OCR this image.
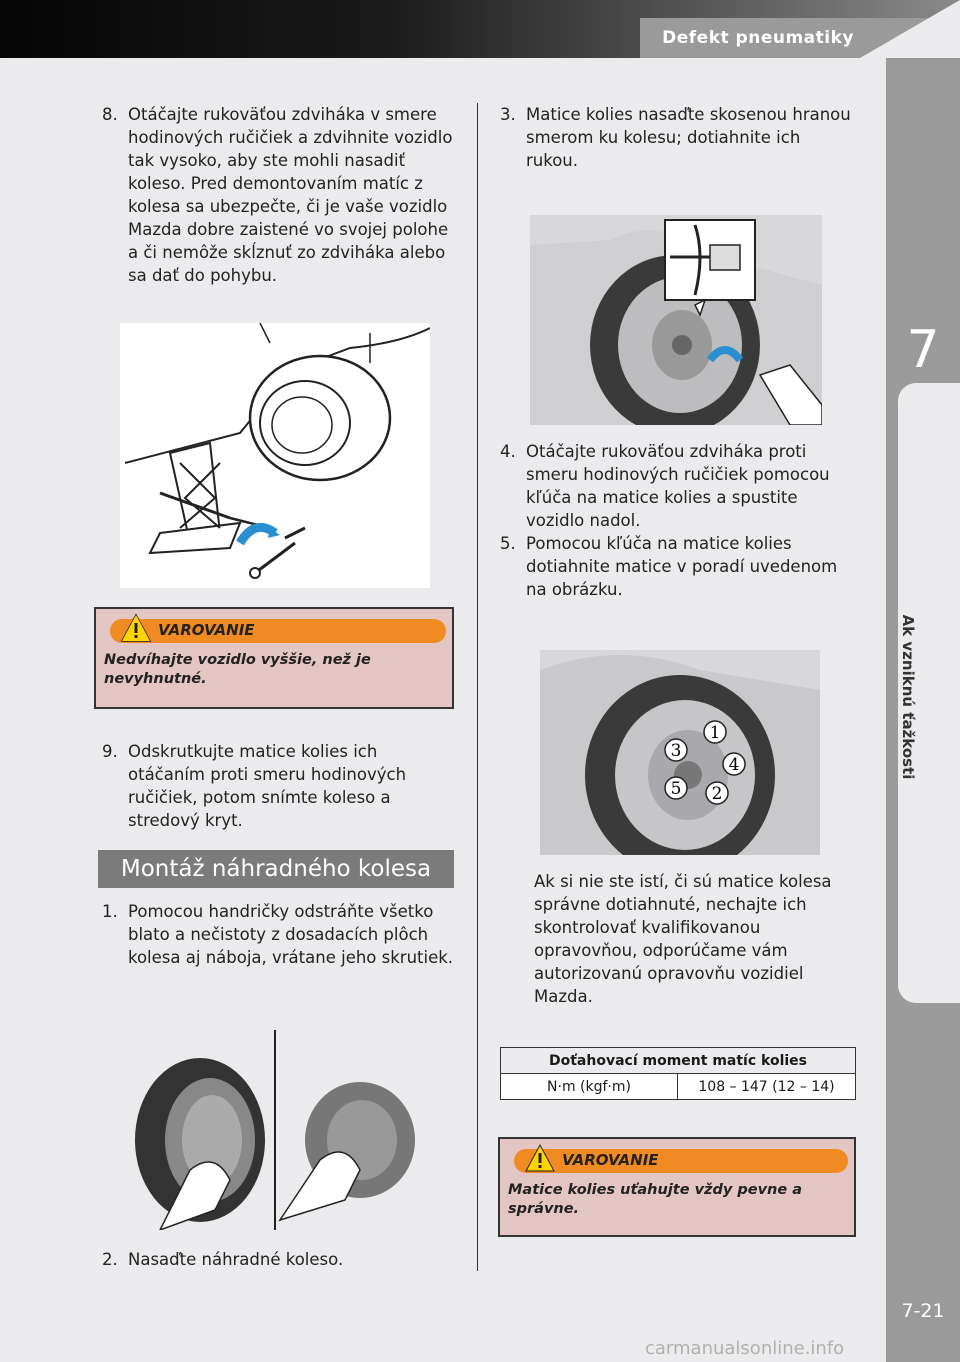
Defekt pneumatiky
7
Ak vzniknú ťažkosti
7-21

8. Otáčajte rukoväťou zdviháka v smere hodinových ručičiek a zdvihnite vozidlo tak vysoko, aby ste mohli nasadiť koleso. Pred demontovaním matíc z kolesa sa ubezpečte, či je vaše vozidlo Mazda dobre zaistené vo svojej polohe a či nemôže skĺznuť zo zdviháka alebo sa dať do pohybu.

VAROVANIE
Nedvíhajte vozidlo vyššie, než je nevyhnutné.

9. Odskrutkujte matice kolies ich otáčaním proti smeru hodinových ručičiek, potom snímte koleso a stredový kryt.

Montáž náhradného kolesa

1. Pomocou handričky odstráňte všetko blato a nečistoty z dosadacích plôch kolesa aj náboja, vrátane jeho skrutiek.

2. Nasaďte náhradné koleso.

3. Matice kolies nasaďte skosenou hranou smerom ku kolesu; dotiahnite ich rukou.

4. Otáčajte rukoväťou zdviháka proti smeru hodinových ručičiek pomocou kľúča na matice kolies a spustite vozidlo nadol.

5. Pomocou kľúča na matice kolies dotiahnite matice v poradí uvedenom na obrázku.

1
2
3
4
5
Ak si nie ste istí, či sú matice kolesa správne dotiahnuté, nechajte ich skontrolovať kvalifikovanou opravovňou, odporúčame vám autorizovanú opravovňu vozidiel Mazda.
Doťahovací moment matíc kolies
N·m (kgf·m)	108 – 147 (12 – 14)
VAROVANIE
Matice kolies uťahujte vždy pevne a správne.
carmanualsonline.info
